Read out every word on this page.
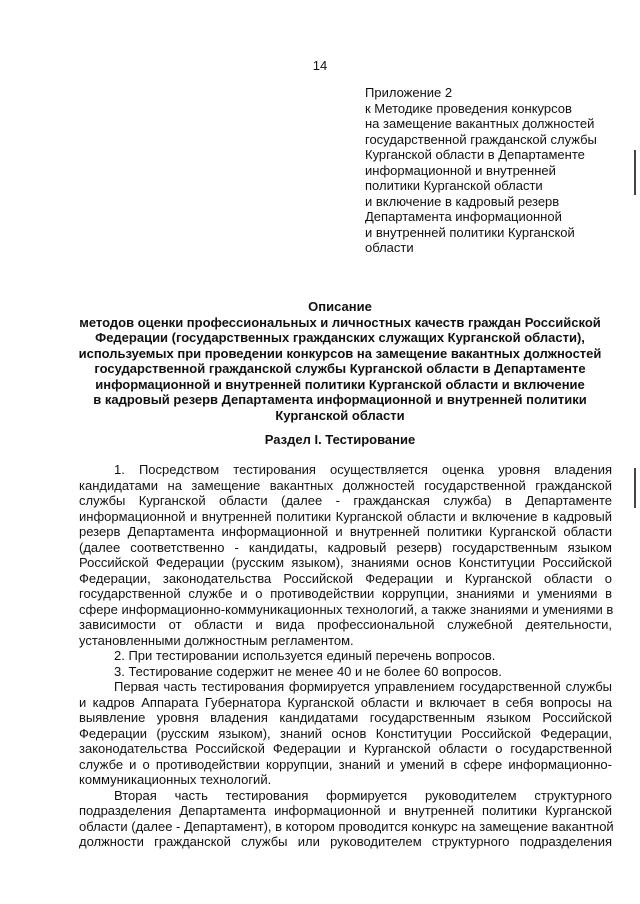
14
Приложение 2
к Методике проведения конкурсов
на замещение вакантных должностей
государственной гражданской службы
Курганской области в Департаменте
информационной и внутренней
политики Курганской области
и включение в кадровый резерв
Департамента информационной
и внутренней политики Курганской
области
Описание
методов оценки профессиональных и личностных качеств граждан Российской
Федерации (государственных гражданских служащих Курганской области),
используемых при проведении конкурсов на замещение вакантных должностей
государственной гражданской службы Курганской области в Департаменте
информационной и внутренней политики Курганской области и включение
в кадровый резерв Департамента информационной и внутренней политики
Курганской области
Раздел I. Тестирование
1. Посредством тестирования осуществляется оценка уровня владения
кандидатами на замещение вакантных должностей государственной гражданской
службы Курганской области (далее - гражданская служба) в Департаменте
информационной и внутренней политики Курганской области и включение в кадровый
резерв Департамента информационной и внутренней политики Курганской области
(далее соответственно - кандидаты, кадровый резерв) государственным языком
Российской Федерации (русским языком), знаниями основ Конституции Российской
Федерации, законодательства Российской Федерации и Курганской области о
государственной службе и о противодействии коррупции, знаниями и умениями в
сфере информационно-коммуникационных технологий, а также знаниями и умениями в
зависимости от области и вида профессиональной служебной деятельности,
установленными должностным регламентом.
2. При тестировании используется единый перечень вопросов.
3. Тестирование содержит не менее 40 и не более 60 вопросов.
Первая часть тестирования формируется управлением государственной службы
и кадров Аппарата Губернатора Курганской области и включает в себя вопросы на
выявление уровня владения кандидатами государственным языком Российской
Федерации (русским языком), знаний основ Конституции Российской Федерации,
законодательства Российской Федерации и Курганской области о государственной
службе и о противодействии коррупции, знаний и умений в сфере информационно-
коммуникационных технологий.
Вторая часть тестирования формируется руководителем структурного
подразделения Департамента информационной и внутренней политики Курганской
области (далее - Департамент), в котором проводится конкурс на замещение вакантной
должности гражданской службы или руководителем структурного подразделения
